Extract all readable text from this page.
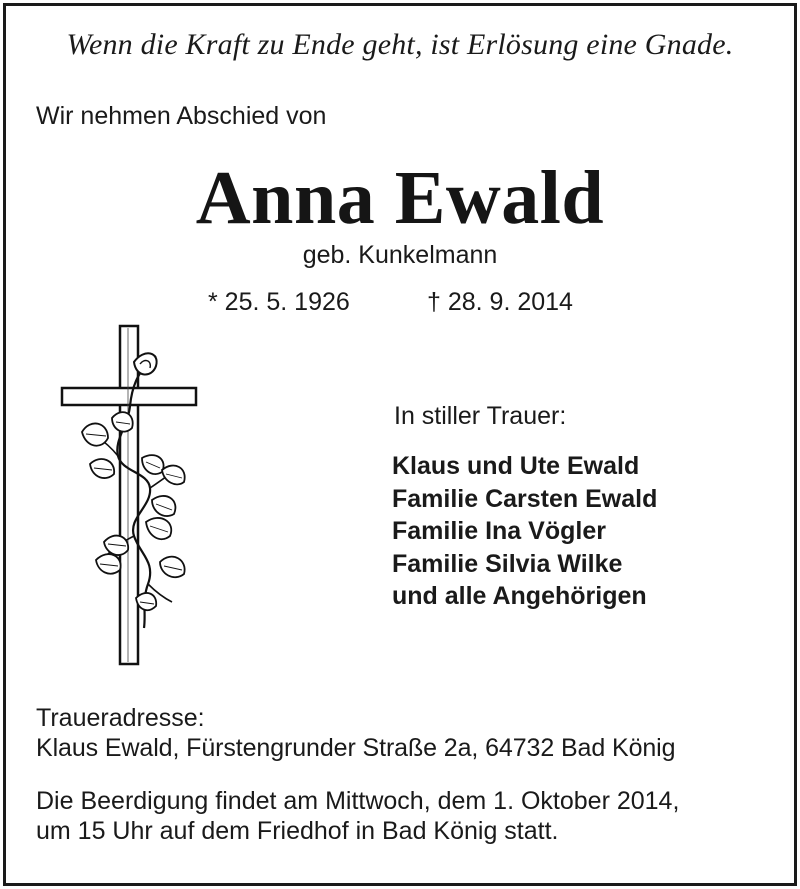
Wenn die Kraft zu Ende geht, ist Erlösung eine Gnade.
Wir nehmen Abschied von
Anna Ewald
geb. Kunkelmann
* 25. 5. 1926	† 28. 9. 2014
In stiller Trauer:
Klaus und Ute Ewald
Familie Carsten Ewald
Familie Ina Vögler
Familie Silvia Wilke
und alle Angehörigen
Traueradresse:
Klaus Ewald, Fürstengrunder Straße 2a, 64732 Bad König
Die Beerdigung findet am Mittwoch, dem 1. Oktober 2014,
um 15 Uhr auf dem Friedhof in Bad König statt.
